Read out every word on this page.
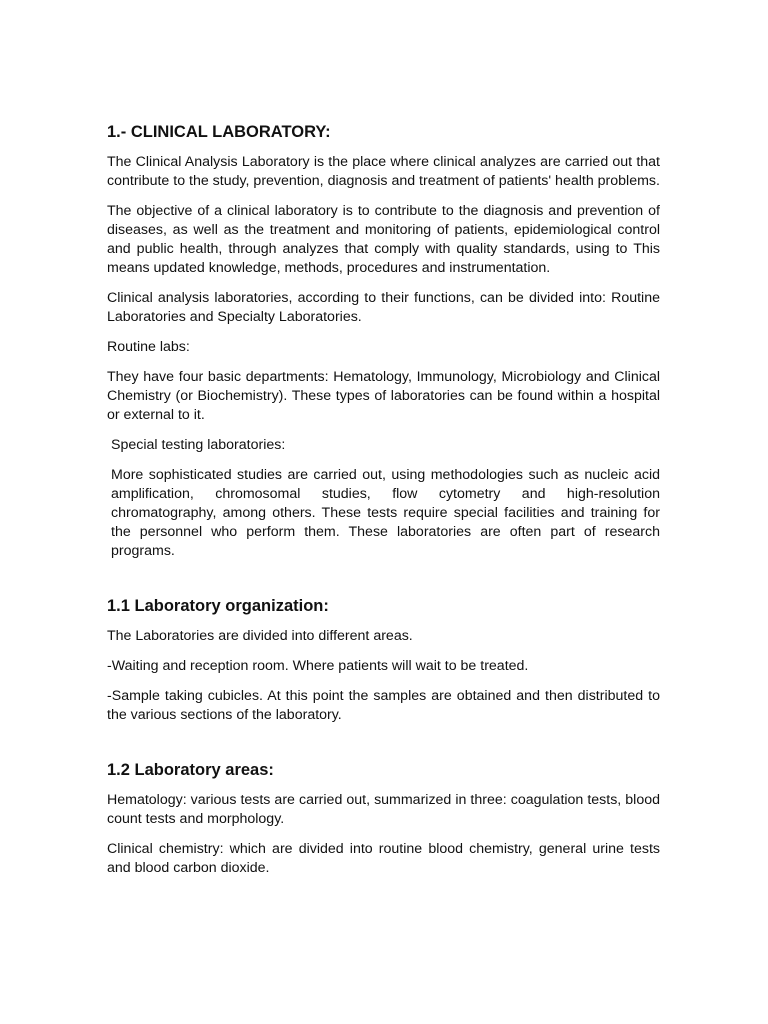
1.- CLINICAL LABORATORY:

The Clinical Analysis Laboratory is the place where clinical analyzes are carried out that contribute to the study, prevention, diagnosis and treatment of patients' health problems.

The objective of a clinical laboratory is to contribute to the diagnosis and prevention of diseases, as well as the treatment and monitoring of patients, epidemiological control and public health, through analyzes that comply with quality standards, using to This means updated knowledge, methods, procedures and instrumentation.

Clinical analysis laboratories, according to their functions, can be divided into: Routine Laboratories and Specialty Laboratories.

Routine labs:

They have four basic departments: Hematology, Immunology, Microbiology and Clinical Chemistry (or Biochemistry). These types of laboratories can be found within a hospital or external to it.

Special testing laboratories:

More sophisticated studies are carried out, using methodologies such as nucleic acid amplification, chromosomal studies, flow cytometry and high-resolution chromatography, among others. These tests require special facilities and training for the personnel who perform them. These laboratories are often part of research programs.

1.1 Laboratory organization:

The Laboratories are divided into different areas.

-Waiting and reception room. Where patients will wait to be treated.

-Sample taking cubicles. At this point the samples are obtained and then distributed to the various sections of the laboratory.

1.2 Laboratory areas:

Hematology: various tests are carried out, summarized in three: coagulation tests, blood count tests and morphology.

Clinical chemistry: which are divided into routine blood chemistry, general urine tests and blood carbon dioxide.
